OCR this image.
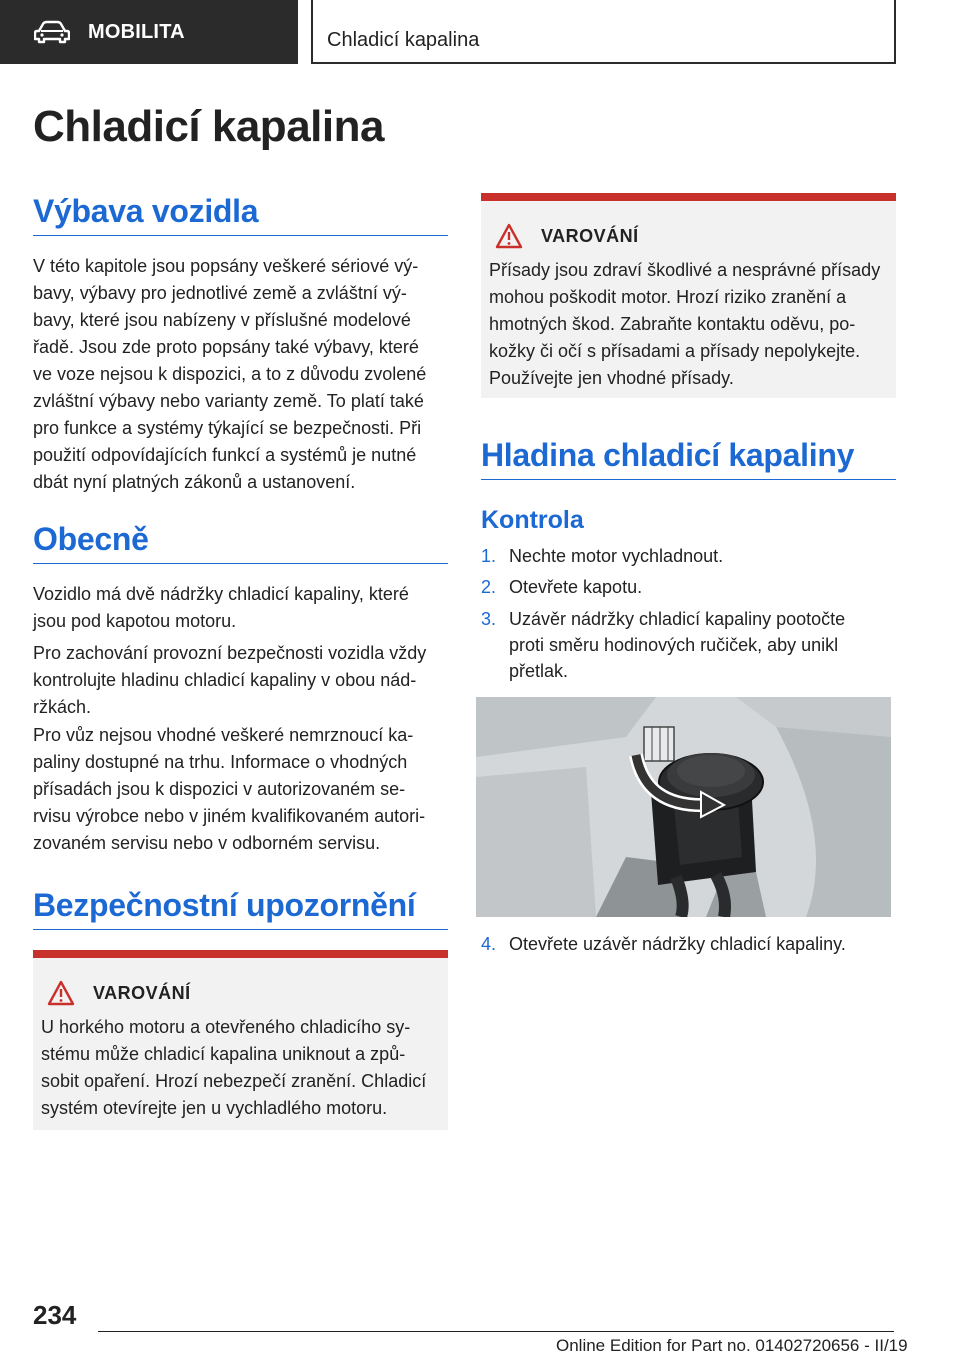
MOBILITA	Chladicí kapalina
Chladicí kapalina
Výbava vozidla
V této kapitole jsou popsány veškeré sériové vý-
bavy, výbavy pro jednotlivé země a zvláštní vý-
bavy, které jsou nabízeny v příslušné modelové
řadě. Jsou zde proto popsány také výbavy, které
ve voze nejsou k dispozici, a to z důvodu zvolené
zvláštní výbavy nebo varianty země. To platí také
pro funkce a systémy týkající se bezpečnosti. Při
použití odpovídajících funkcí a systémů je nutné
dbát nyní platných zákonů a ustanovení.
Obecně
Vozidlo má dvě nádržky chladicí kapaliny, které
jsou pod kapotou motoru.
Pro zachování provozní bezpečnosti vozidla vždy
kontrolujte hladinu chladicí kapaliny v obou nád-
ržkách.
Pro vůz nejsou vhodné veškeré nemrznoucí ka-
paliny dostupné na trhu. Informace o vhodných
přísadách jsou k dispozici v autorizovaném se-
rvisu výrobce nebo v jiném kvalifikovaném autori-
zovaném servisu nebo v odborném servisu.
Bezpečnostní upozornění
VAROVÁNÍ
U horkého motoru a otevřeného chladicího sy-
stému může chladicí kapalina uniknout a způ-
sobit opaření. Hrozí nebezpečí zranění. Chladicí
systém otevírejte jen u vychladlého motoru.
VAROVÁNÍ
Přísady jsou zdraví škodlivé a nesprávné přísady
mohou poškodit motor. Hrozí riziko zranění a
hmotných škod. Zabraňte kontaktu oděvu, po-
kožky či očí s přísadami a přísady nepolykejte.
Používejte jen vhodné přísady.
Hladina chladicí kapaliny
Kontrola
1. Nechte motor vychladnout.
2. Otevřete kapotu.
3. Uzávěr nádržky chladicí kapaliny pootočte
proti směru hodinových ručiček, aby unikl
přetlak.
4. Otevřete uzávěr nádržky chladicí kapaliny.
234
Online Edition for Part no. 01402720656 - II/19
